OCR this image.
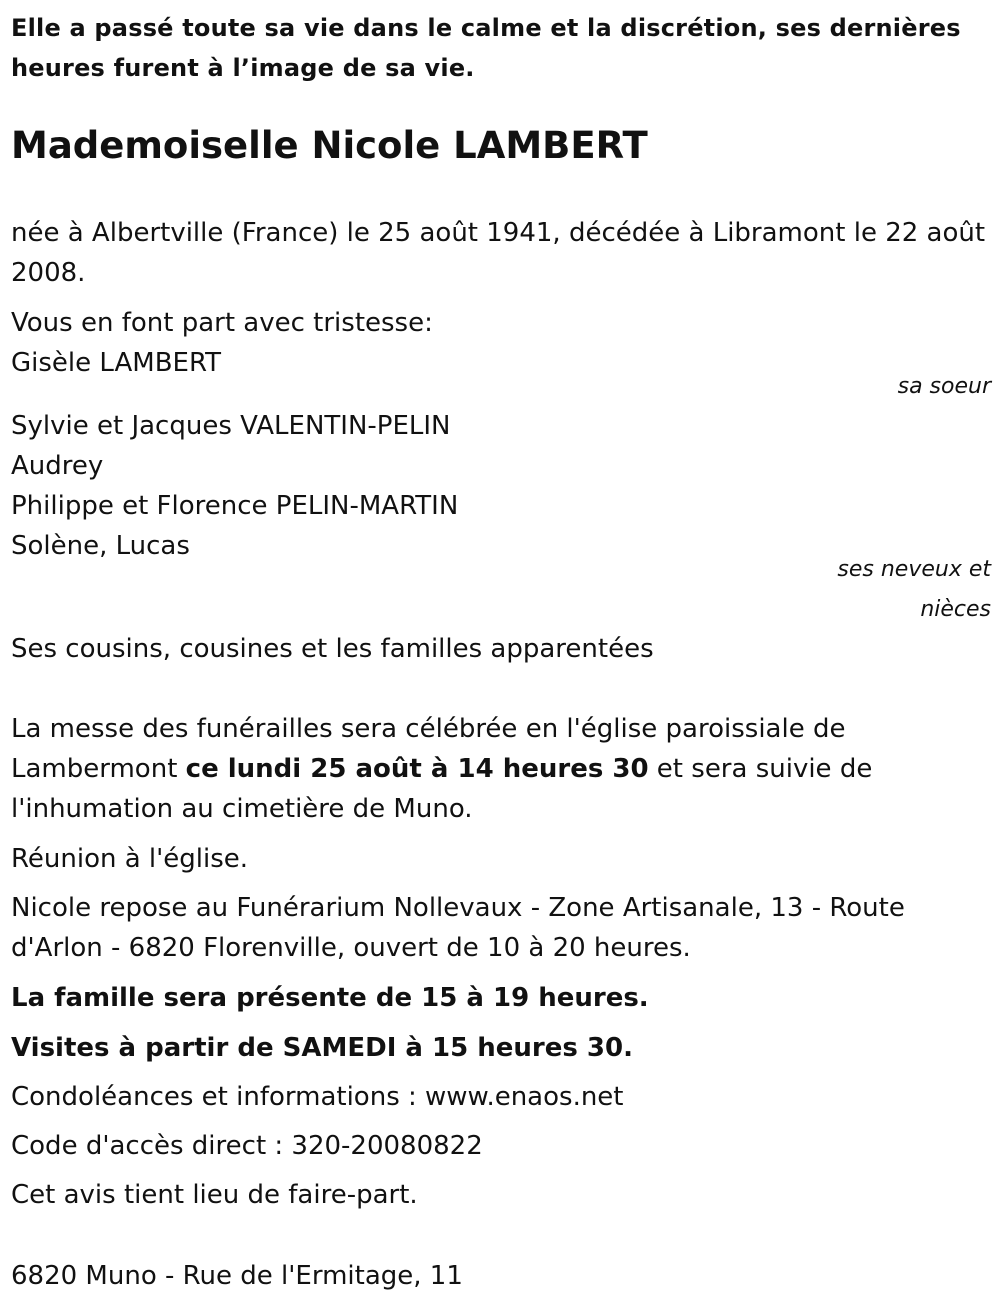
Elle a passé toute sa vie dans le calme et la discrétion, ses dernières heures furent à l’image de sa vie.
Mademoiselle Nicole LAMBERT
née à Albertville (France) le 25 août 1941, décédée à Libramont le 22 août 2008.
Vous en font part avec tristesse:
Gisèle LAMBERT
sa soeur
Sylvie et Jacques VALENTIN-PELIN
Audrey
Philippe et Florence PELIN-MARTIN
Solène, Lucas
ses neveux et
nièces
Ses cousins, cousines et les familles apparentées
La messe des funérailles sera célébrée en l'église paroissiale de Lambermont ce lundi 25 août à 14 heures 30 et sera suivie de l'inhumation au cimetière de Muno.
Réunion à l'église.
Nicole repose au Funérarium Nollevaux - Zone Artisanale, 13 - Route d'Arlon - 6820 Florenville, ouvert de 10 à 20 heures.
La famille sera présente de 15 à 19 heures.
Visites à partir de SAMEDI à 15 heures 30.
Condoléances et informations : www.enaos.net
Code d'accès direct : 320-20080822
Cet avis tient lieu de faire-part.
6820 Muno - Rue de l'Ermitage, 11
